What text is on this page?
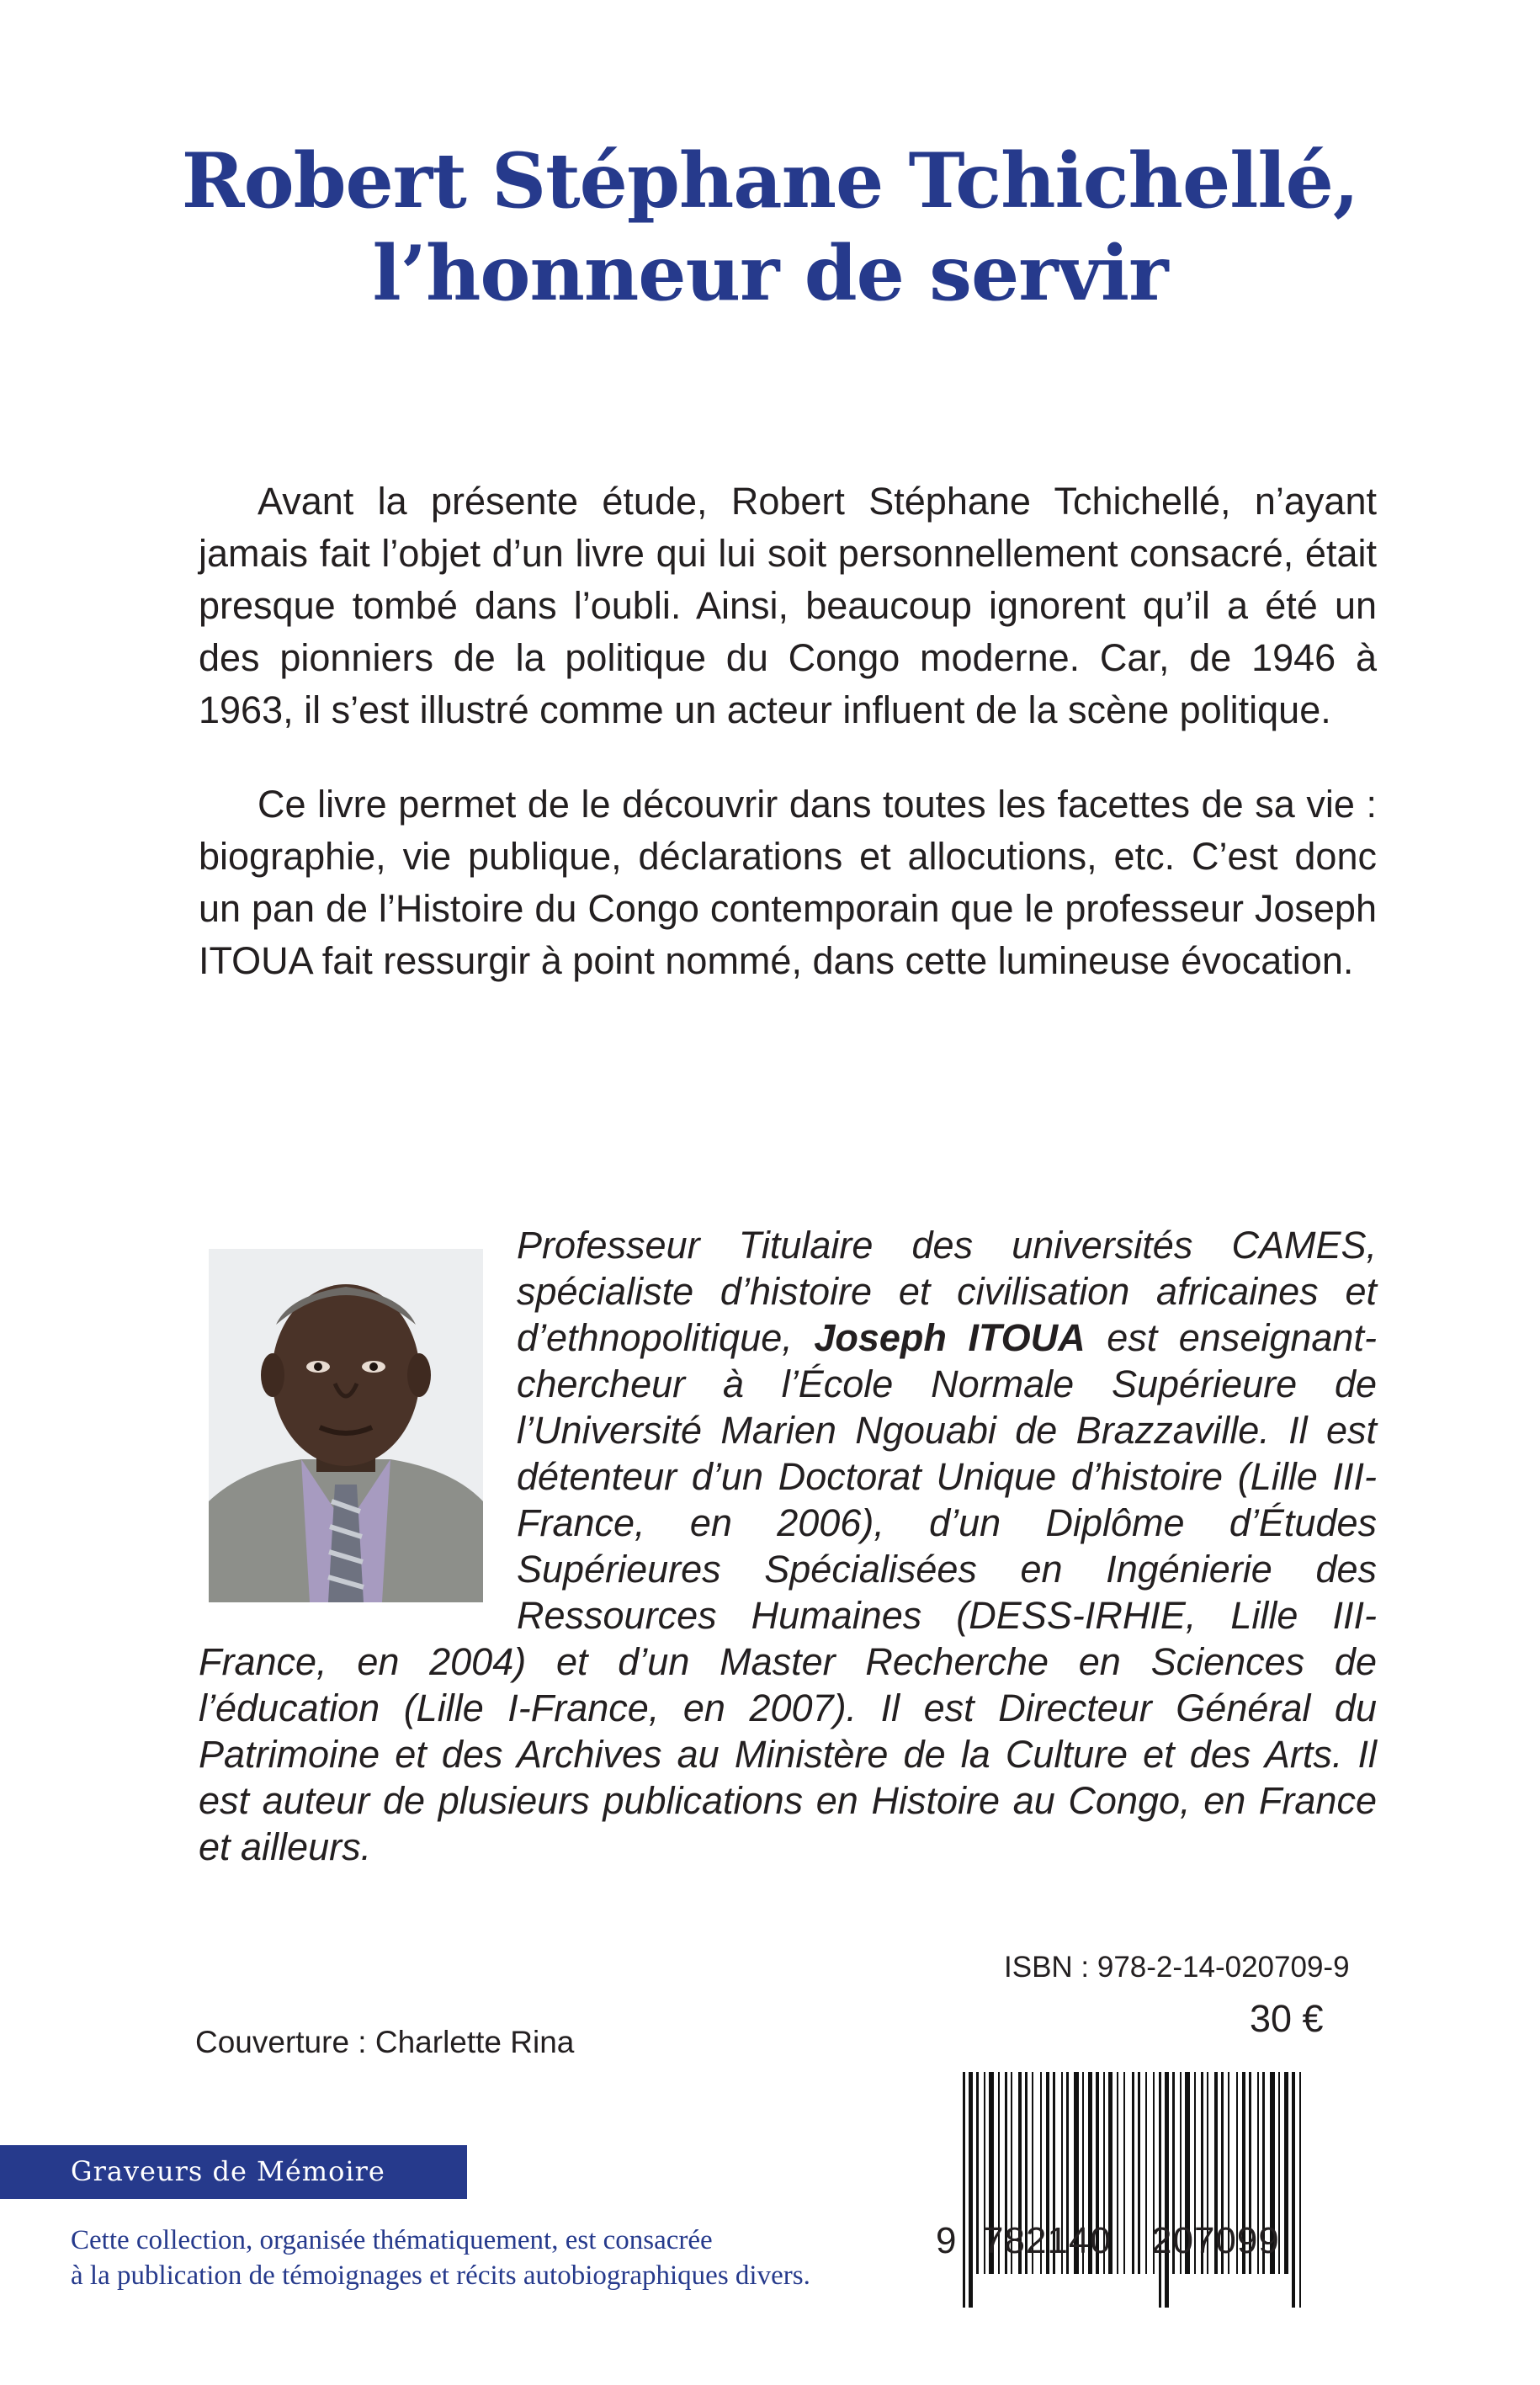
Robert Stéphane Tchichellé,
l’honneur de servir

Avant la présente étude, Robert Stéphane Tchichellé, n’ayant jamais fait l’objet d’un livre qui lui soit personnellement consacré, était presque tombé dans l’oubli. Ainsi, beaucoup ignorent qu’il a été un des pionniers de la politique du Congo moderne. Car, de 1946 à 1963, il s’est illustré comme un acteur influent de la scène politique.

Ce livre permet de le découvrir dans toutes les facettes de sa vie : biographie, vie publique, déclarations et allocutions, etc. C’est donc un pan de l’Histoire du Congo contemporain que le professeur Joseph ITOUA fait ressurgir à point nommé, dans cette lumineuse évocation.

Professeur Titulaire des universités CAMES, spécialiste d’histoire et civilisation africaines et d’ethnopolitique, Joseph ITOUA est enseignant-chercheur à l’École Normale Supérieure de l’Université Marien Ngouabi de Brazzaville. Il est détenteur d’un Doctorat Unique d’histoire (Lille III-France, en 2006), d’un Diplôme d’Études Supérieures Spécialisées en Ingénierie des Ressources Humaines (DESS-IRHIE, Lille III-France, en 2004) et d’un Master Recherche en Sciences de l’éducation (Lille I-France, en 2007). Il est Directeur Général du Patrimoine et des Archives au Ministère de la Culture et des Arts. Il est auteur de plusieurs publications en Histoire au Congo, en France et ailleurs.
ISBN : 978-2-14-020709-9
30 €
Couverture : Charlette Rina
Graveurs de Mémoire
Cette collection, organisée thématiquement, est consacrée
à la publication de témoignages et récits autobiographiques divers.
9 782140 207099
